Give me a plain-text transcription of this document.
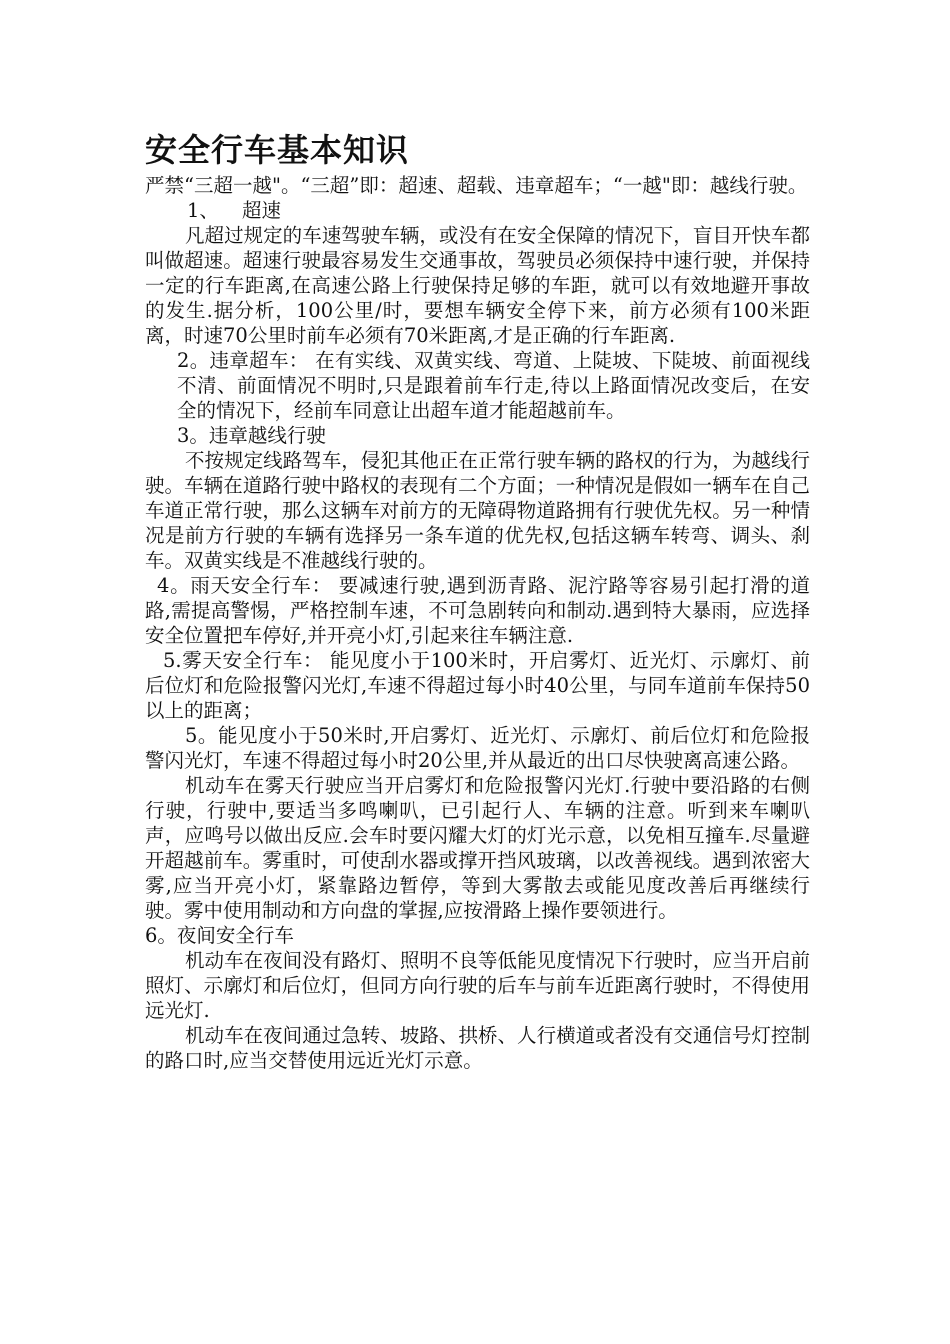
安全行车基本知识

严禁“三超一越"。“三超”即：超速、超载、违章超车；“一越"即：越线行驶。

1、 超速

凡超过规定的车速驾驶车辆，或没有在安全保障的情况下，盲目开快车都叫做超速。超速行驶最容易发生交通事故，驾驶员必须保持中速行驶，并保持一定的行车距离,在高速公路上行驶保持足够的车距，就可以有效地避开事故的发生.据分析，100公里/时，要想车辆安全停下来，前方必须有100米距离，时速70公里时前车必须有70米距离,才是正确的行车距离.

2。违章超车： 在有实线、双黄实线、弯道、上陡坡、下陡坡、前面视线不清、前面情况不明时,只是跟着前车行走,待以上路面情况改变后，在安全的情况下，经前车同意让出超车道才能超越前车。

3。违章越线行驶

不按规定线路驾车，侵犯其他正在正常行驶车辆的路权的行为，为越线行驶。车辆在道路行驶中路权的表现有二个方面；一种情况是假如一辆车在自己车道正常行驶，那么这辆车对前方的无障碍物道路拥有行驶优先权。另一种情况是前方行驶的车辆有选择另一条车道的优先权,包括这辆车转弯、调头、刹车。双黄实线是不准越线行驶的。

4。雨天安全行车： 要减速行驶,遇到沥青路、泥泞路等容易引起打滑的道路,需提高警惕，严格控制车速，不可急剧转向和制动.遇到特大暴雨，应选择安全位置把车停好,并开亮小灯,引起来往车辆注意.

5.雾天安全行车： 能见度小于100米时，开启雾灯、近光灯、示廓灯、前后位灯和危险报警闪光灯,车速不得超过每小时40公里，与同车道前车保持50以上的距离；

5。能见度小于50米时,开启雾灯、近光灯、示廓灯、前后位灯和危险报警闪光灯，车速不得超过每小时20公里,并从最近的出口尽快驶离高速公路。

机动车在雾天行驶应当开启雾灯和危险报警闪光灯.行驶中要沿路的右侧行驶，行驶中,要适当多鸣喇叭，已引起行人、车辆的注意。听到来车喇叭声，应鸣号以做出反应.会车时要闪耀大灯的灯光示意，以免相互撞车.尽量避开超越前车。雾重时，可使刮水器或撑开挡风玻璃，以改善视线。遇到浓密大雾,应当开亮小灯，紧靠路边暂停，等到大雾散去或能见度改善后再继续行驶。雾中使用制动和方向盘的掌握,应按滑路上操作要领进行。

6。夜间安全行车

机动车在夜间没有路灯、照明不良等低能见度情况下行驶时，应当开启前照灯、示廓灯和后位灯，但同方向行驶的后车与前车近距离行驶时，不得使用远光灯.

机动车在夜间通过急转、坡路、拱桥、人行横道或者没有交通信号灯控制的路口时,应当交替使用远近光灯示意。
